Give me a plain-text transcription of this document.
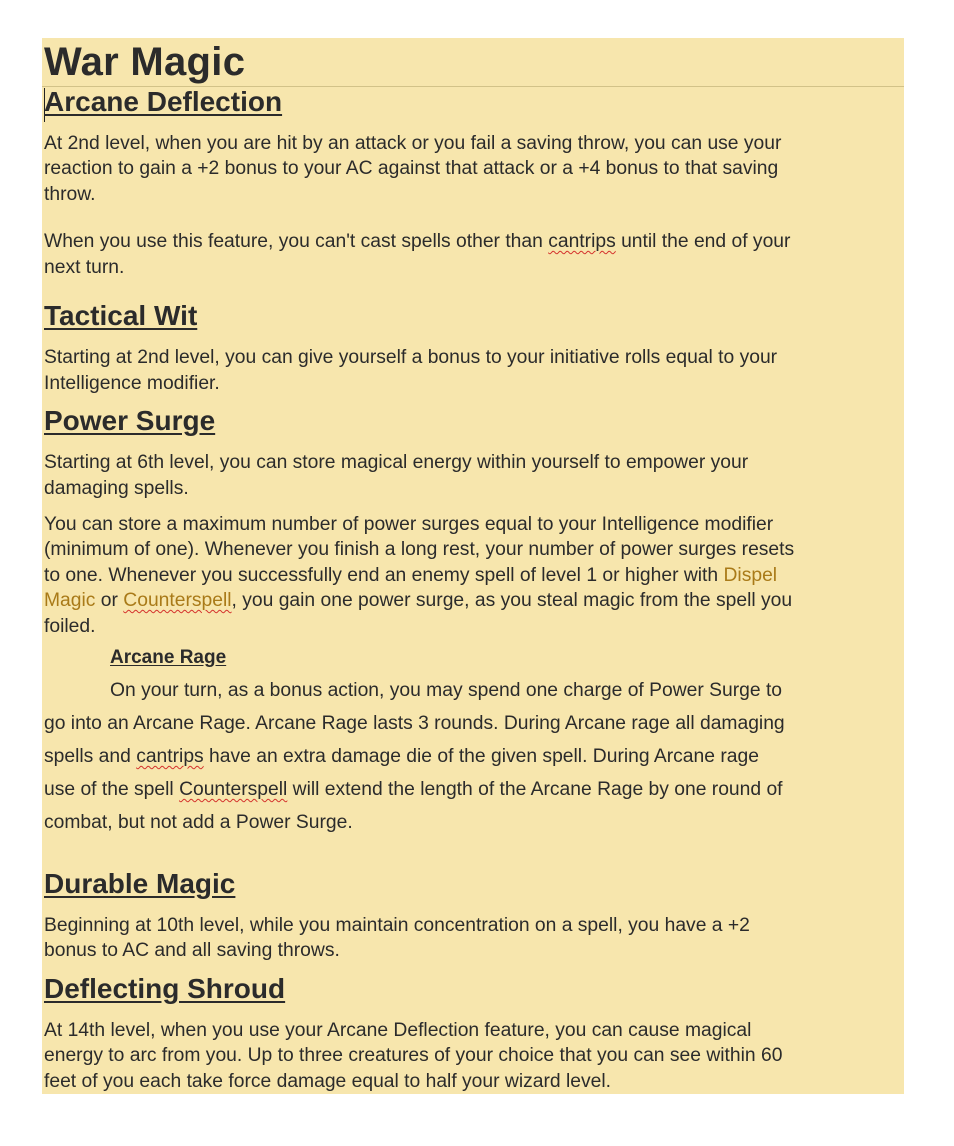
War Magic
Arcane Deflection
At 2nd level, when you are hit by an attack or you fail a saving throw, you can use your
reaction to gain a +2 bonus to your AC against that attack or a +4 bonus to that saving
throw.
When you use this feature, you can't cast spells other than cantrips until the end of your
next turn.
Tactical Wit
Starting at 2nd level, you can give yourself a bonus to your initiative rolls equal to your
Intelligence modifier.
Power Surge
Starting at 6th level, you can store magical energy within yourself to empower your
damaging spells.
You can store a maximum number of power surges equal to your Intelligence modifier
(minimum of one). Whenever you finish a long rest, your number of power surges resets
to one. Whenever you successfully end an enemy spell of level 1 or higher with Dispel
Magic or Counterspell, you gain one power surge, as you steal magic from the spell you
foiled.
Arcane Rage
On your turn, as a bonus action, you may spend one charge of Power Surge to
go into an Arcane Rage. Arcane Rage lasts 3 rounds. During Arcane rage all damaging
spells and cantrips have an extra damage die of the given spell. During Arcane rage
use of the spell Counterspell will extend the length of the Arcane Rage by one round of
combat, but not add a Power Surge.
Durable Magic
Beginning at 10th level, while you maintain concentration on a spell, you have a +2
bonus to AC and all saving throws.
Deflecting Shroud
At 14th level, when you use your Arcane Deflection feature, you can cause magical
energy to arc from you. Up to three creatures of your choice that you can see within 60
feet of you each take force damage equal to half your wizard level.
